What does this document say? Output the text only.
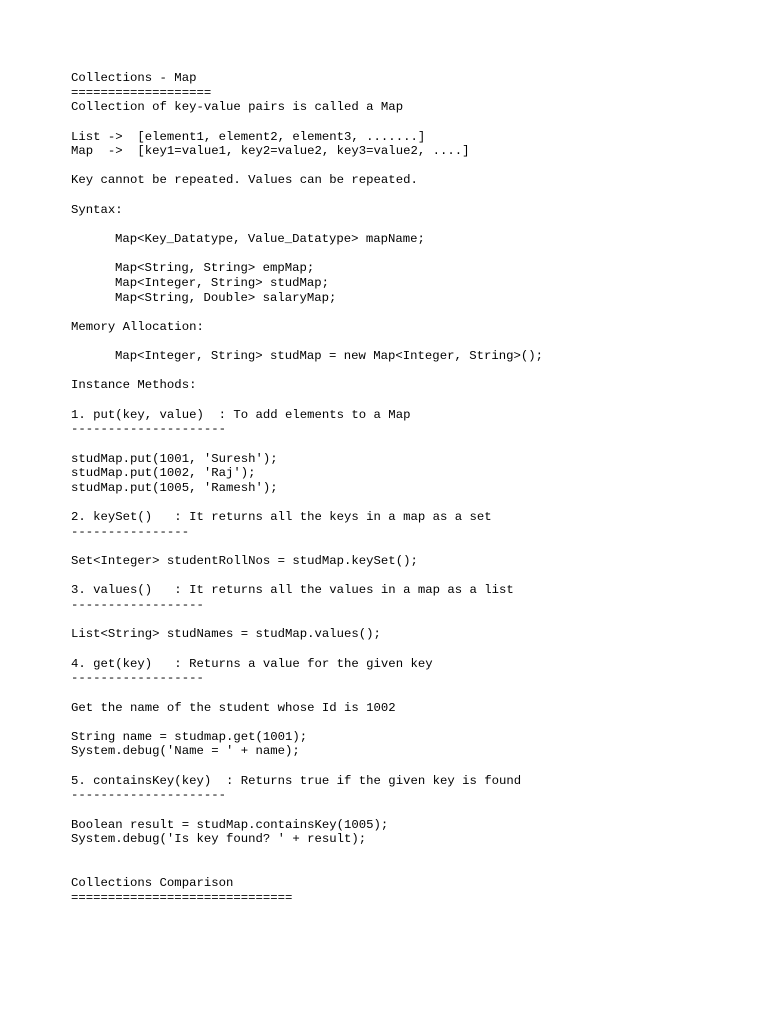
Collections - Map
===================
Collection of key-value pairs is called a Map
List ->  [element1, element2, element3, .......]
Map  ->  [key1=value1, key2=value2, key3=value2, ....]
Key cannot be repeated. Values can be repeated.
Syntax:
Map<Key_Datatype, Value_Datatype> mapName;
Map<String, String> empMap;
Map<Integer, String> studMap;
Map<String, Double> salaryMap;
Memory Allocation:
Map<Integer, String> studMap = new Map<Integer, String>();
Instance Methods:
1. put(key, value)  : To add elements to a Map
---------------------
studMap.put(1001, 'Suresh');
studMap.put(1002, 'Raj');
studMap.put(1005, 'Ramesh');
2. keySet()   : It returns all the keys in a map as a set
----------------
Set<Integer> studentRollNos = studMap.keySet();
3. values()   : It returns all the values in a map as a list
------------------
List<String> studNames = studMap.values();
4. get(key)   : Returns a value for the given key
------------------
Get the name of the student whose Id is 1002
String name = studmap.get(1001);
System.debug('Name = ' + name);
5. containsKey(key)  : Returns true if the given key is found
---------------------
Boolean result = studMap.containsKey(1005);
System.debug('Is key found? ' + result);
Collections Comparison
==============================
